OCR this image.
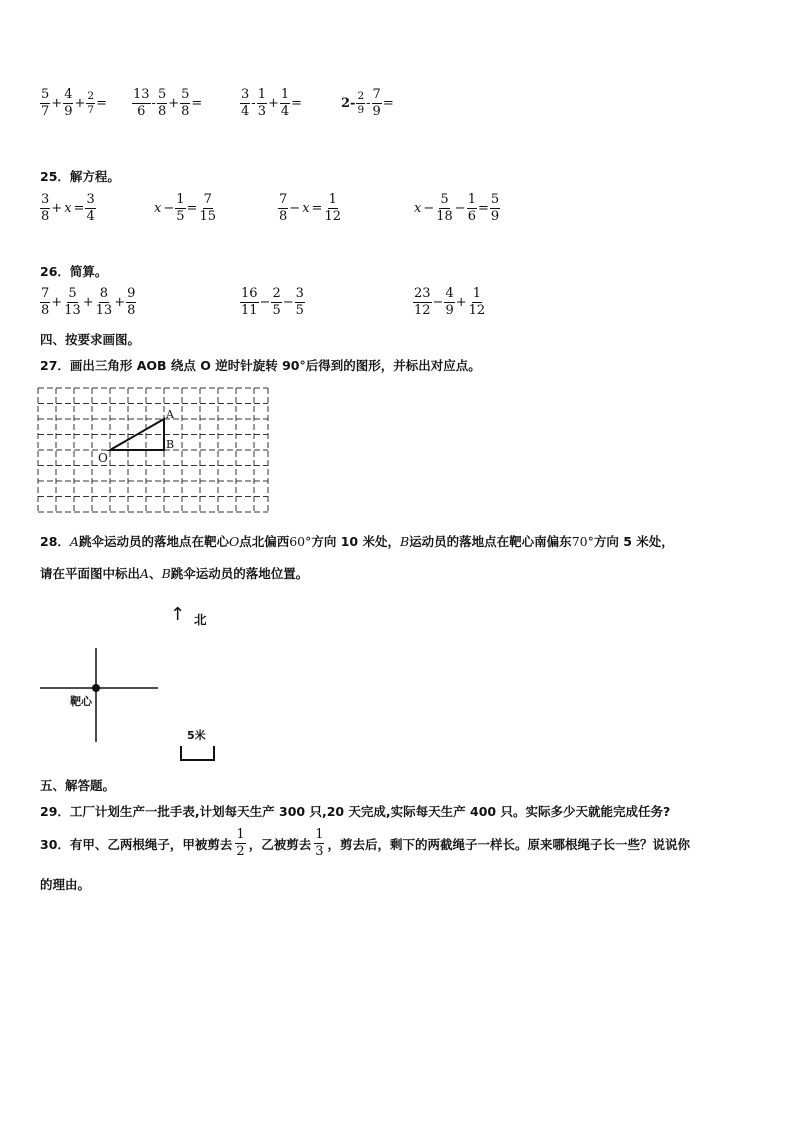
$\frac{5}{7} + \frac{4}{9} + \frac{2}{7} = \frac{13}{6} - \frac{5}{8} + \frac{5}{8}$ =	$\frac{3}{4} - \frac{1}{3} + \frac{1}{4}$ =	$2- \frac{2}{9} - \frac{7}{9}$ =
25．解方程。
$\frac{3}{8} + x = \frac{3}{4}$	$x - \frac{1}{5} = \frac{7}{15}$	$\frac{7}{8} - x = \frac{1}{12}$	$x - \frac{5}{18} - \frac{1}{6} = \frac{5}{9}$
26．简算。
$\frac{7}{8} + \frac{5}{13} + \frac{8}{13} + \frac{9}{8}$	$\frac{16}{11} - \frac{2}{5} - \frac{3}{5}$	$\frac{23}{12} - \frac{4}{9} + \frac{1}{12}$
四、按要求画图。
27．画出三角形 AOB 绕点 O 逆时针旋转 90°后得到的图形，并标出对应点。
O
A
B
28．A跳伞运动员的落地点在靶心O点北偏西60°方向 10 米处，B运动员的落地点在靶心南偏东70°方向 5 米处，
请在平面图中标出A、B跳伞运动员的落地位置。
↑ 北
靶心
5米
五、解答题。
29．工厂计划生产一批手表,计划每天生产 300 只,20 天完成,实际每天生产 400 只。实际多少天就能完成任务?
30．有甲、乙两根绳子，甲被剪去 $\frac{1}{2}$ ，乙被剪去 $\frac{1}{3}$ ，剪去后，剩下的两截绳子一样长。原来哪根绳子长一些？说说你
的理由。
